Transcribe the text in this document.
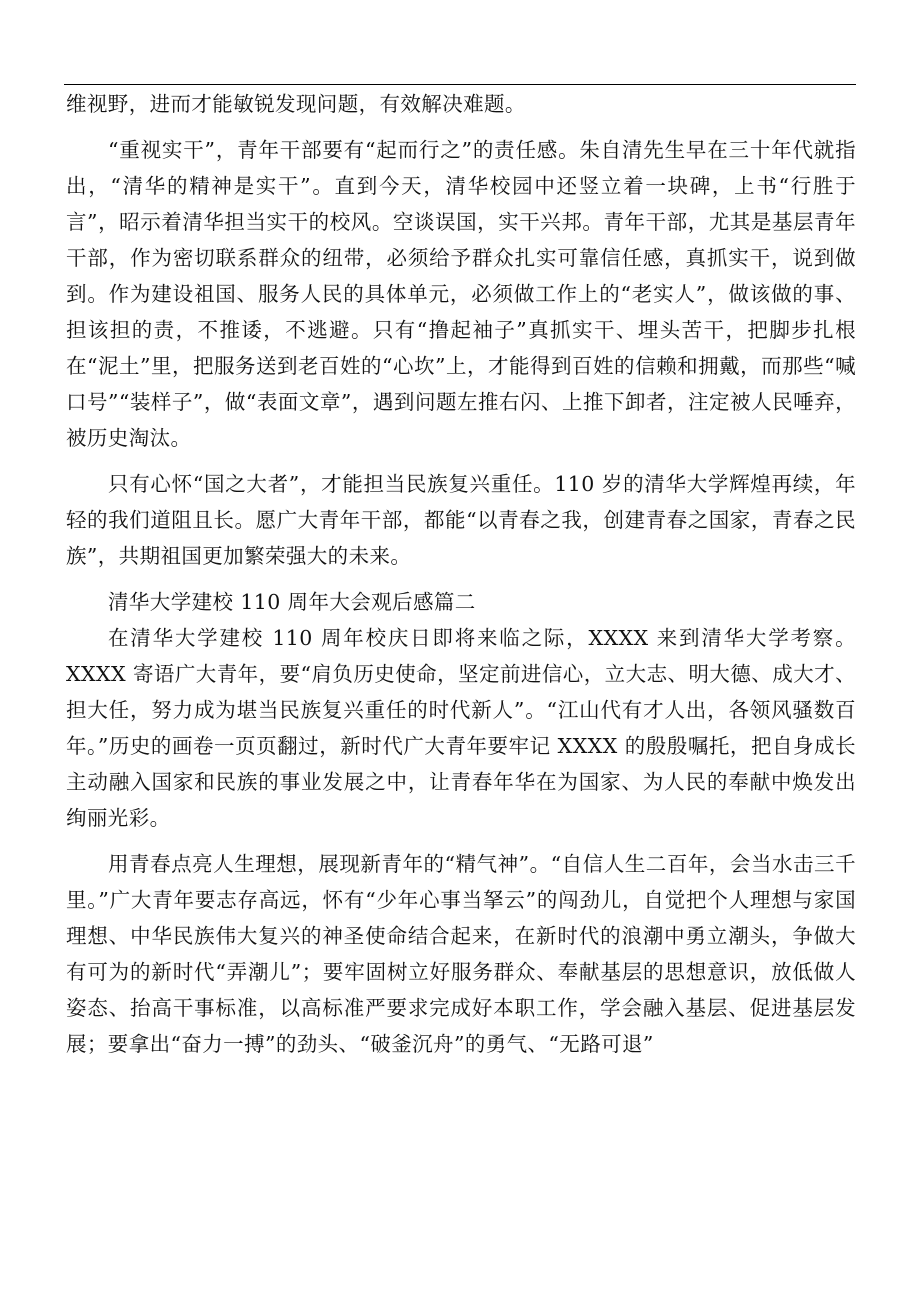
维视野，进而才能敏锐发现问题，有效解决难题。

“重视实干”，青年干部要有“起而行之”的责任感。朱自清先生早在三十年代就指出，“清华的精神是实干”。直到今天，清华校园中还竖立着一块碑，上书“行胜于言”，昭示着清华担当实干的校风。空谈误国，实干兴邦。青年干部，尤其是基层青年干部，作为密切联系群众的纽带，必须给予群众扎实可靠信任感，真抓实干，说到做到。作为建设祖国、服务人民的具体单元，必须做工作上的“老实人”，做该做的事、担该担的责，不推诿，不逃避。只有“撸起袖子”真抓实干、埋头苦干，把脚步扎根在“泥土”里，把服务送到老百姓的“心坎”上，才能得到百姓的信赖和拥戴，而那些“喊口号”“装样子”，做“表面文章”，遇到问题左推右闪、上推下卸者，注定被人民唾弃，被历史淘汰。

只有心怀“国之大者”，才能担当民族复兴重任。110 岁的清华大学辉煌再续，年轻的我们道阻且长。愿广大青年干部，都能“以青春之我，创建青春之国家，青春之民族”，共期祖国更加繁荣强大的未来。

清华大学建校 110 周年大会观后感篇二

在清华大学建校 110 周年校庆日即将来临之际，XXXX 来到清华大学考察。XXXX 寄语广大青年，要“肩负历史使命，坚定前进信心，立大志、明大德、成大才、担大任，努力成为堪当民族复兴重任的时代新人”。“江山代有才人出，各领风骚数百年。”历史的画卷一页页翻过，新时代广大青年要牢记 XXXX 的殷殷嘱托，把自身成长主动融入国家和民族的事业发展之中，让青春年华在为国家、为人民的奉献中焕发出绚丽光彩。

用青春点亮人生理想，展现新青年的“精气神”。“自信人生二百年，会当水击三千里。”广大青年要志存高远，怀有“少年心事当拏云”的闯劲儿，自觉把个人理想与家国理想、中华民族伟大复兴的神圣使命结合起来，在新时代的浪潮中勇立潮头，争做大有可为的新时代“弄潮儿”；要牢固树立好服务群众、奉献基层的思想意识，放低做人姿态、抬高干事标准，以高标准严要求完成好本职工作，学会融入基层、促进基层发展；要拿出“奋力一搏”的劲头、“破釜沉舟”的勇气、“无路可退”
